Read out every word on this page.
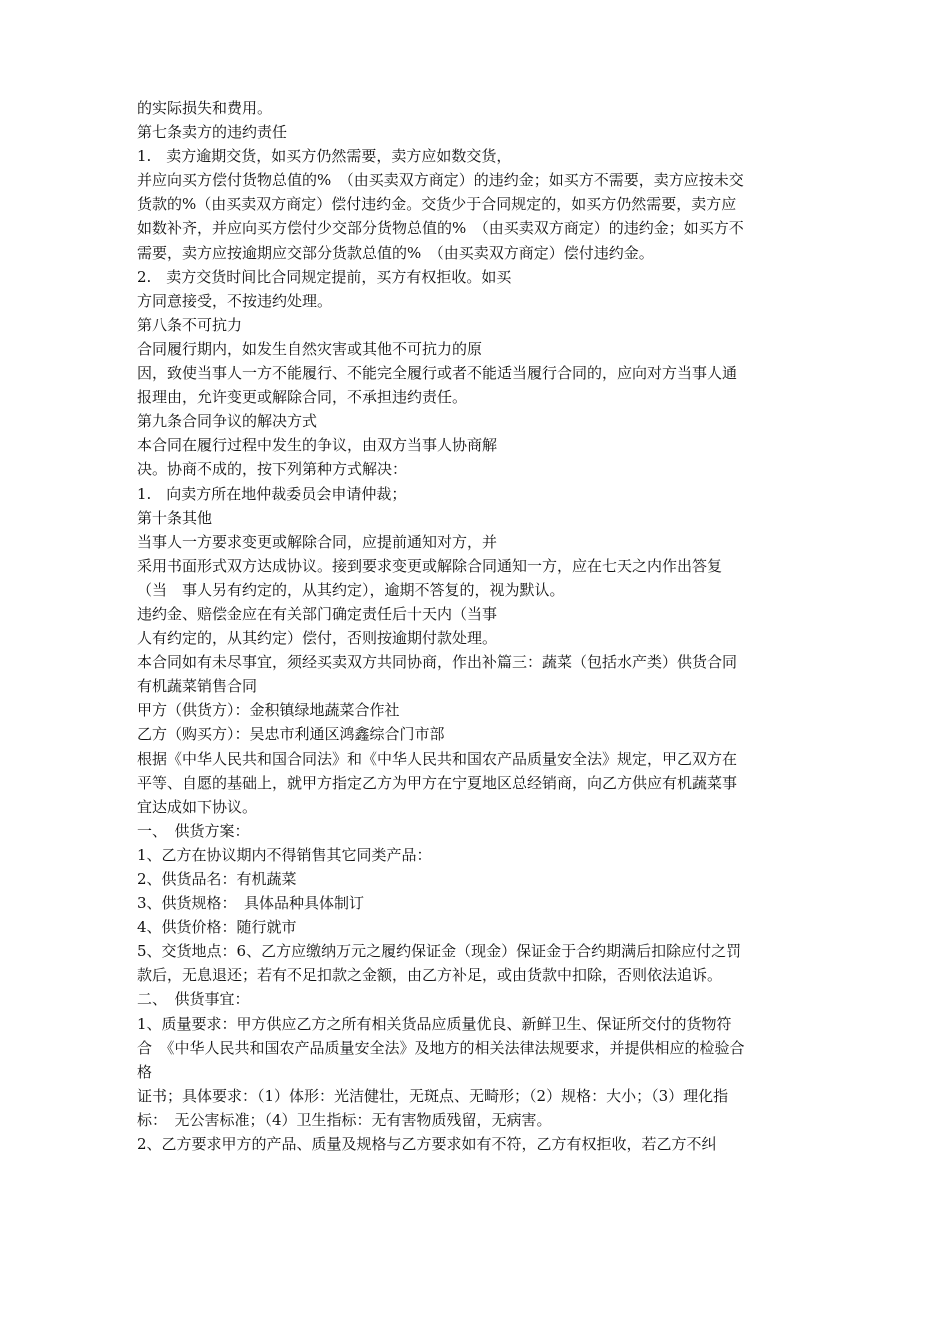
的实际损失和费用。
第七条卖方的违约责任
1.　卖方逾期交货，如买方仍然需要，卖方应如数交货，
并应向买方偿付货物总值的%　（由买卖双方商定）的违约金；如买方不需要，卖方应按未交
货款的%（由买卖双方商定）偿付违约金。交货少于合同规定的，如买方仍然需要，卖方应
如数补齐，并应向买方偿付少交部分货物总值的%　（由买卖双方商定）的违约金；如买方不
需要，卖方应按逾期应交部分货款总值的%　（由买卖双方商定）偿付违约金。
2.　卖方交货时间比合同规定提前，买方有权拒收。如买
方同意接受，不按违约处理。
第八条不可抗力
合同履行期内，如发生自然灾害或其他不可抗力的原
因，致使当事人一方不能履行、不能完全履行或者不能适当履行合同的，应向对方当事人通
报理由，允许变更或解除合同，不承担违约责任。
第九条合同争议的解决方式
本合同在履行过程中发生的争议，由双方当事人协商解
决。协商不成的，按下列第种方式解决：
1.　向卖方所在地仲裁委员会申请仲裁；
第十条其他
当事人一方要求变更或解除合同，应提前通知对方，并
采用书面形式双方达成协议。接到要求变更或解除合同通知一方，应在七天之内作出答复
（当　事人另有约定的，从其约定），逾期不答复的，视为默认。
违约金、赔偿金应在有关部门确定责任后十天内（当事
人有约定的，从其约定）偿付，否则按逾期付款处理。
本合同如有未尽事宜，须经买卖双方共同协商，作出补篇三：蔬菜（包括水产类）供货合同
有机蔬菜销售合同
甲方（供货方）：金积镇绿地蔬菜合作社
乙方（购买方）：吴忠市利通区鸿鑫综合门市部
根据《中华人民共和国合同法》和《中华人民共和国农产品质量安全法》规定，甲乙双方在
平等、自愿的基础上，就甲方指定乙方为甲方在宁夏地区总经销商，向乙方供应有机蔬菜事
宜达成如下协议。
一、　供货方案：
1、乙方在协议期内不得销售其它同类产品：
2、供货品名：有机蔬菜
3、供货规格：　具体品种具体制订
4、供货价格：随行就市
5、交货地点：6、乙方应缴纳万元之履约保证金（现金）保证金于合约期满后扣除应付之罚
款后，无息退还；若有不足扣款之金额，由乙方补足，或由货款中扣除，否则依法追诉。
二、　供货事宜：
1、质量要求：甲方供应乙方之所有相关货品应质量优良、新鲜卫生、保证所交付的货物符
合　《中华人民共和国农产品质量安全法》及地方的相关法律法规要求，并提供相应的检验合
格
证书；具体要求：（1）体形：光洁健壮，无斑点、无畸形；（2）规格：大小；（3）理化指
标：　无公害标准；（4）卫生指标：无有害物质残留，无病害。
2、乙方要求甲方的产品、质量及规格与乙方要求如有不符，乙方有权拒收，若乙方不纠
